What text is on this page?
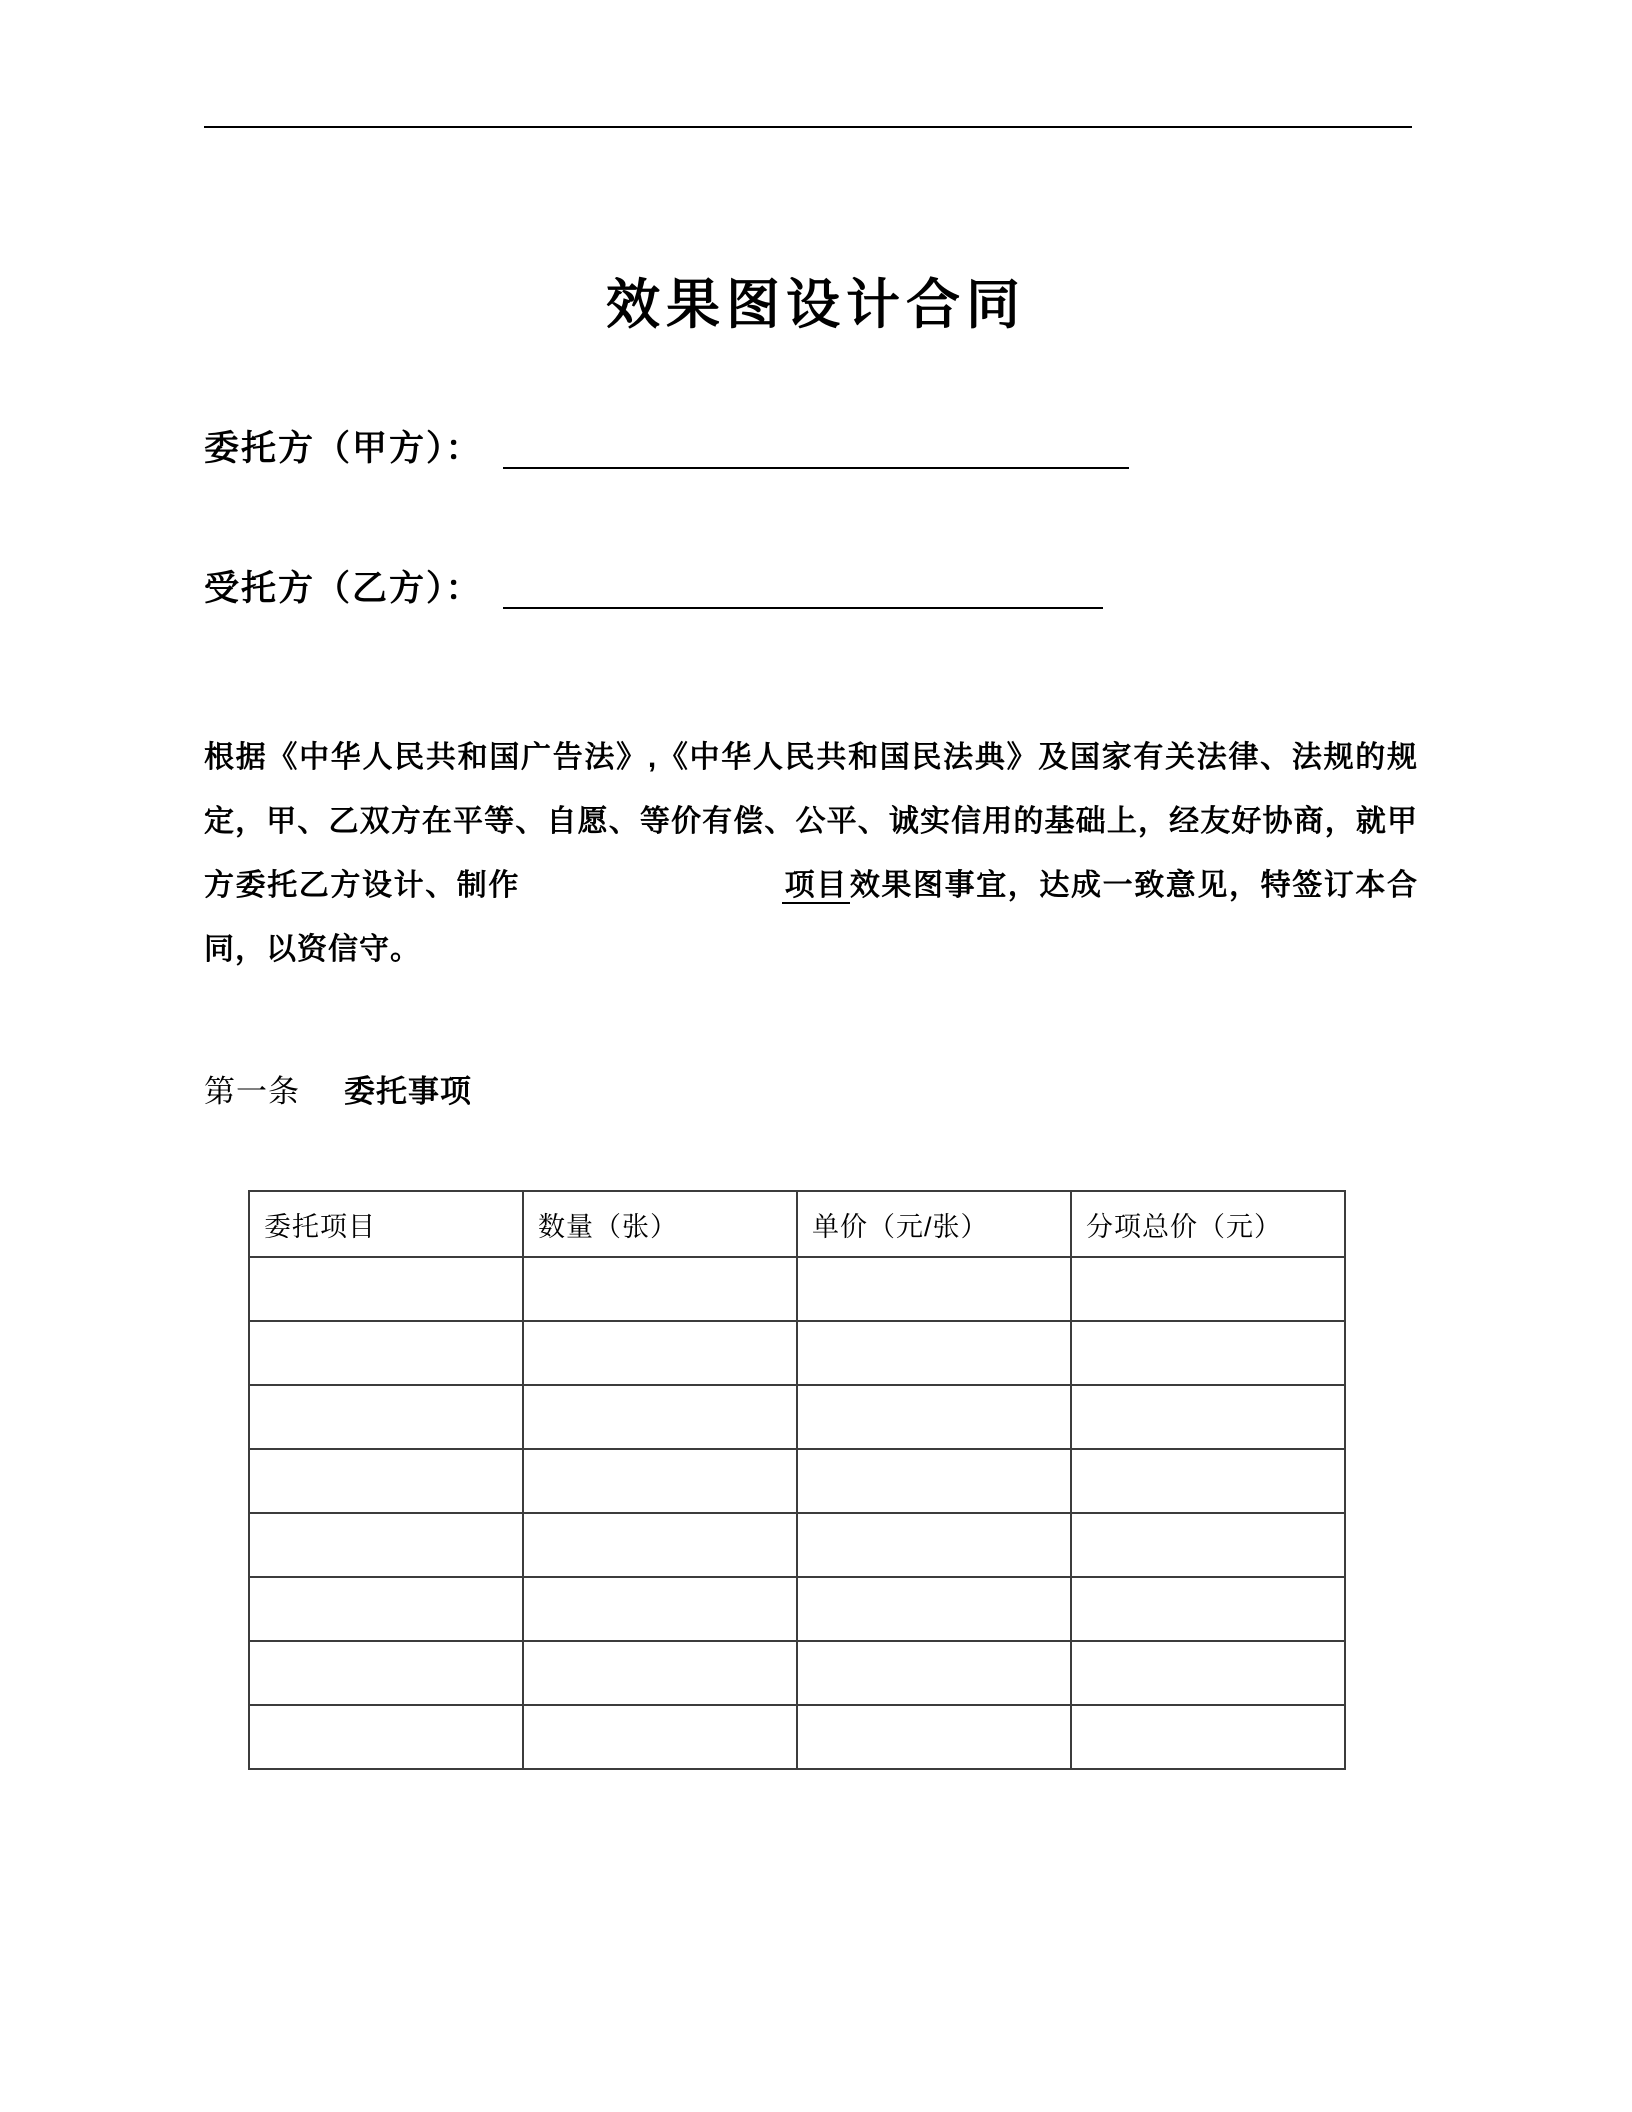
效果图设计合同
委托方（甲方）：
受托方（乙方）：

根据《中华人民共和国广告法》,《中华人民共和国民法典》及国家有关法律、法规的规定，甲、乙双方在平等、自愿、等价有偿、公平、诚实信用的基础上，经友好协商，就甲方委托乙方设计、制作	项目效果图事宜，达成一致意见，特签订本合同，以资信守。

第一条 委托事项
委托项目	数量（张）	单价（元/张）	分项总价（元）
